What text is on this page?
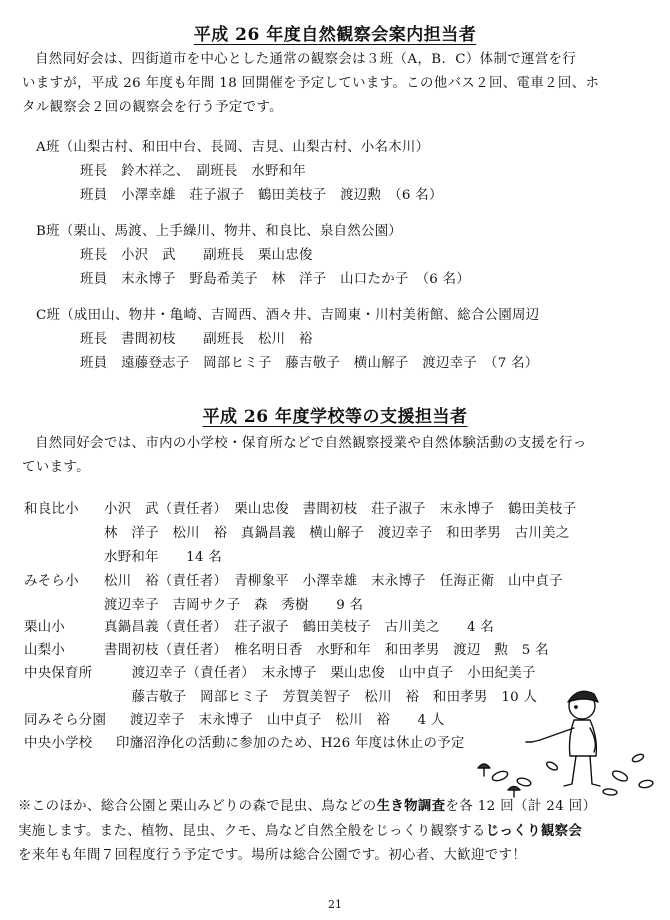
平成 26 年度自然観察会案内担当者
自然同好会は、四街道市を中心とした通常の観察会は３班（A，B．C）体制で運営を行
いますが，平成 26 年度も年間 18 回開催を予定しています。この他バス２回、電車２回、ホ
タル観察会２回の観察会を行う予定です。
A班（山梨古村、和田中台、長岡、吉見、山梨古村、小名木川）
班長　鈴木祥之、　副班長　水野和年
班員　小澤幸雄　荘子淑子　鶴田美枝子　渡辺勲　（6 名）
B班（栗山、馬渡、上手繰川、物井、和良比、泉自然公園）
班長　小沢　武　　副班長　栗山忠俊
班員　末永博子　野島希美子　林　洋子　山口たか子　（6 名）
C班（成田山、物井・亀崎、吉岡西、酒々井、吉岡東・川村美術館、総合公園周辺
班長　書間初枝　　副班長　松川　裕
班員　遠藤登志子　岡部ヒミ子　藤吉敬子　横山解子　渡辺幸子　（7 名）
平成 26 年度学校等の支援担当者
自然同好会では、市内の小学校・保育所などで自然観察授業や自然体験活動の支援を行っ
ています。
和良比小 小沢　武（責任者）　栗山忠俊　書間初枝　荘子淑子　末永博子　鶴田美枝子
林　洋子　松川　裕　真鍋昌義　横山解子　渡辺幸子　和田孝男　古川美之
水野和年　　14 名
みそら小 松川　裕（責任者）　青柳象平　小澤幸雄　末永博子　任海正衛　山中貞子
渡辺幸子　吉岡サク子　森　秀樹　　9 名
栗山小	真鍋昌義（責任者）　荘子淑子　鶴田美枝子　古川美之　　4 名
山梨小	書間初枝（責任者）　椎名明日香　水野和年　和田孝男　渡辺　勲　5 名
中央保育所 　渡辺幸子（責任者）　末永博子　栗山忠俊　山中貞子　小田紀美子
　藤吉敬子　岡部ヒミ子　芳賀美智子　松川　裕　和田孝男　10 人
同みそら分園 渡辺幸子　末永博子　山中貞子　松川　裕　　4 人
中央小学校 印旛沼浄化の活動に参加のため、H26 年度は休止の予定
※このほか、総合公園と栗山みどりの森で昆虫、鳥などの生き物調査を各 12 回（計 24 回）
実施します。また、植物、昆虫、クモ、鳥など自然全般をじっくり観察するじっくり観察会
を来年も年間７回程度行う予定です。場所は総合公園です。初心者、大歓迎です！
21
